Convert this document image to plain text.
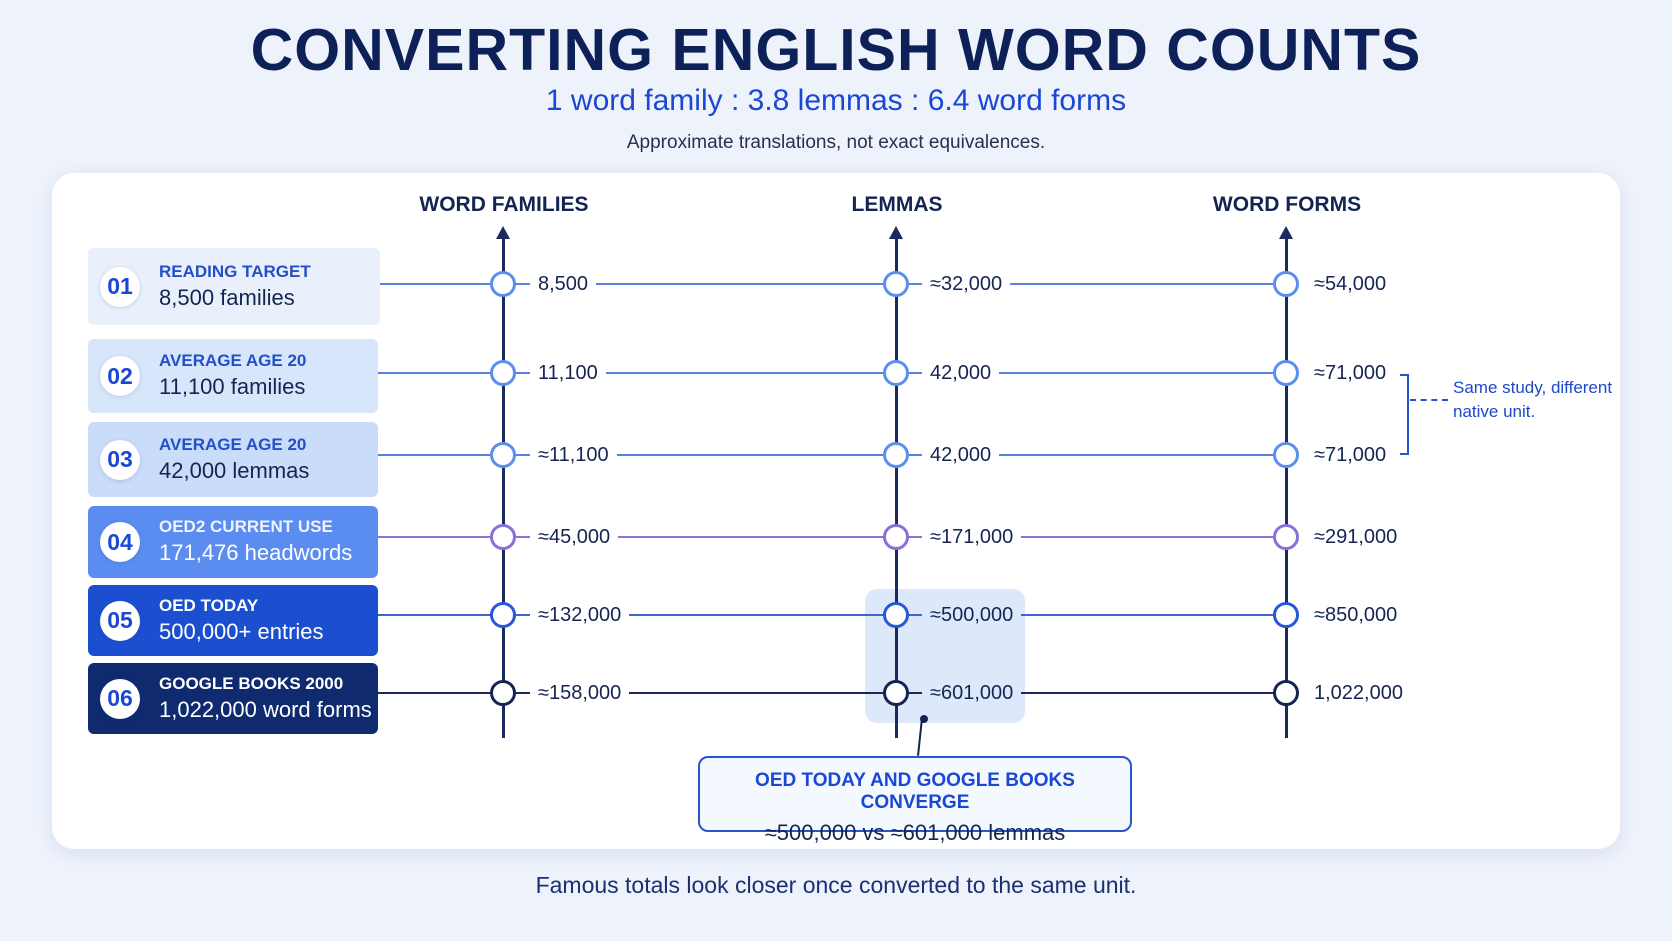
CONVERTING ENGLISH WORD COUNTS
1 word family : 3.8 lemmas : 6.4 word forms
Approximate translations, not exact equivalences.
WORD FAMILIES	LEMMAS	WORD FORMS
01
READING TARGET
8,500 families
02
AVERAGE AGE 20
11,100 families
03
AVERAGE AGE 20
42,000 lemmas
04
OED2 CURRENT USE
171,476 headwords
05
OED TODAY
500,000+ entries
06
GOOGLE BOOKS 2000
1,022,000 word forms
8,500	≈32,000	≈54,000
11,100	42,000	≈71,000
≈11,100	42,000	≈71,000
≈45,000	≈171,000	≈291,000
≈132,000	≈500,000	≈850,000
≈158,000	≈601,000	1,022,000
Same study, different native unit.
OED TODAY AND GOOGLE BOOKS CONVERGE
≈500,000 vs ≈601,000 lemmas
Famous totals look closer once converted to the same unit.
